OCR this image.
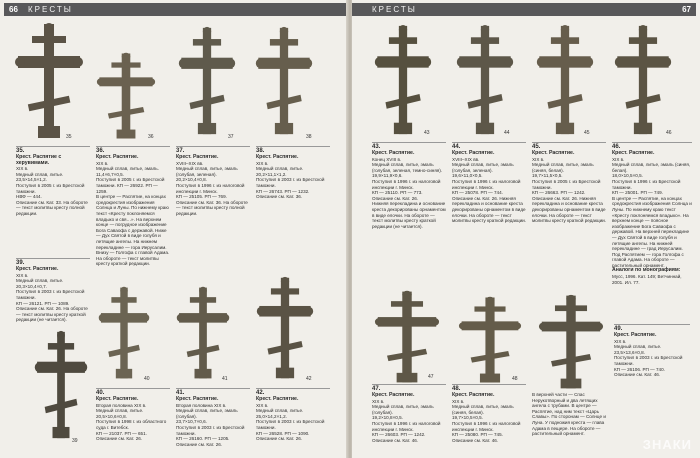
66 КРЕСТЫ
35	36	37	38
35.
Крест. Распятие с херувимами.
XIX в.
Медный сплав, литье.
23,5×14,5×1,2.
Поступил в 2005 г. из Брестской таможни.
НВФ — 444.
Описание см. Кат. 33. На обороте — текст молитвы кресту полной редакции.
36.
Крест. Распятие.
XIX в.
Медный сплав, литье, эмаль.
11,4×6,7×0,5.
Поступил в 2005 г. из Брестской таможни. КП — 26922. РП — 1259.
В центре — Распятие, на концах средокрестия изображения Солнца и Луны. По нижнему краю текст «Кресту поклоняемся владыко и свя…». На верхнем конце — погрудное изображение Бога Саваофа с державой. Ниже — Дух Святой в виде голубя и летящие ангелы. На нижнем перекладине — гора Иерусалим. Внизу — Голгофа с главой Адама. На обороте — текст молитвы кресту краткой редакции.
37.
Крест. Распятие.
XVIII–XIX вв.
Медный сплав, литье, эмаль (голубая, зеленая).
20,2×10,4×0,8.
Поступил в 1996 г. из налоговой инспекции г. Минск.
КП — 25105. РП — 769.
Описание см. Кат. 36. На обороте — текст молитвы кресту полной редакции.
38.
Крест. Распятие.
XIX в.
Медный сплав, литье.
20,2×11,1×1,2.
Поступил в 2003 г. из Брестской таможни.
КП — 26743. РП — 1232.
Описание см. Кат. 36.
39.
Крест. Распятие.
XIX в.
Медный сплав, литье.
20,3×10,4×0,7.
Поступил в 2003 г. из Брестской таможни.
КП — 26121. РП — 1089.
Описание см. Кат. 26. На обороте — текст молитвы кресту краткой редакции (не читается).
39
40	41	42
40.
Крест. Распятие.
Вторая половина XIX в.
Медный сплав, литье.
20,5×10,6×0,8.
Поступил в 1998 г. из областного суда г. Витебск.
КП — 21037. РП — 651.
Описание см. Кат. 26.
41.
Крест. Распятие.
Вторая половина XIX в.
Медный сплав, литье, эмаль (голубая).
23,7×10,7×0,6.
Поступил в 2003 г. из Брестской таможни.
КП — 26160. РП — 1205.
Описание см. Кат. 26.
42.
Крест. Распятие.
XIX в.
Медный сплав, литье.
25,0×14,2×1,2.
Поступил в 2003 г. из Брестской таможни.
КП — 26528. РП — 1090.
Описание см. Кат. 26.
КРЕСТЫ	67
43	44	45	46
43.
Крест. Распятие.
Конец XVIII в.
Медный сплав, литье, эмаль (голубая, зеленая, темно-синяя).
19,9×11,9×0,6.
Поступил в 1996 г. из налоговой инспекции г. Минск.
КП — 25110. РП — 773.
Описание см. Кат. 26.
Нижняя перекладина и основание креста декорированы орнаментом в виде елочки. На обороте — текст молитвы кресту краткой редакции (не читается).
44.
Крест. Распятие.
XVIII–XIX вв.
Медный сплав, литье, эмаль (голубая, зеленая).
19,6×11,0×0,5.
Поступил в 1996 г. из налоговой инспекции г. Минск.
КП — 25078. РП — 744.
Описание см. Кат. 26. Нижняя перекладина и основание креста декорированы орнаментом в виде елочки. На обороте — текст молитвы кресту краткой редакции.
45.
Крест. Распятие.
XIX в.
Медный сплав, литье, эмаль (синяя, белая).
19,7×11,5×0,5.
Поступил в 2005 г. из Брестской таможни.
КП — 26663. РП — 1242.
Описание см. Кат. 26. Нижняя перекладина и основание креста декорированы орнаментом в виде елочки. На обороте — текст молитвы кресту краткой редакции.
46.
Крест. Распятие.
XIX в.
Медный сплав, литье, эмаль (синяя, белая).
18,0×10,5×0,5.
Поступил в 1996 г. из Брестской таможни.
КП — 25001. РП — 749.
В центре — Распятие, на концах средокрестия изображения Солнца и Луны. По нижнему краю текст «Кресту поклоняемся владыко». На верхнем конце — поясное изображение Бога Саваофа с державой. На верхней перекладине — Дух Святой в виде голубя и летящие ангелы. На нижней перекладине — град Иерусалим. Под Распятием — гора Голгофа с главой Адама. На обороте — растительный орнамент.
Аналоги по монографиям:
Мусс, 1996. Кат. 149; Ветчиннай, 2001. Ил. 77.
47	48
47.
Крест. Распятие.
XIX в.
Медный сплав, литье, эмаль (голубая).
19,2×10,8×0,5.
Поступил в 1996 г. из налоговой инспекции г. Минск.
КП — 26603. РП — 1242.
Описание см. Кат. 46.
48.
Крест. Распятие.
XIX в.
Медный сплав, литье, эмаль (синяя, белая).
19,7×10,5×0,5.
Поступил в 1996 г. из налоговой инспекции г. Минск.
КП — 25080. РП — 745.
Описание см. Кат. 46.
В верхней части — Спас Нерукотворный и два летящих ангела с трубами. В центре — Распятие, над ним текст «Царь Славы». По сторонам — Солнце и Луна. У подножия креста — глава Адама в пещере. На обороте — растительный орнамент.
49.
Крест. Распятие.
XIX в.
Медный сплав, литье.
23,5×13,6×0,8.
Поступил в 2003 г. из Брестской таможни.
КП — 26106. РП — 740.
Описание см. Кат. 46.
ЗНАКИ
